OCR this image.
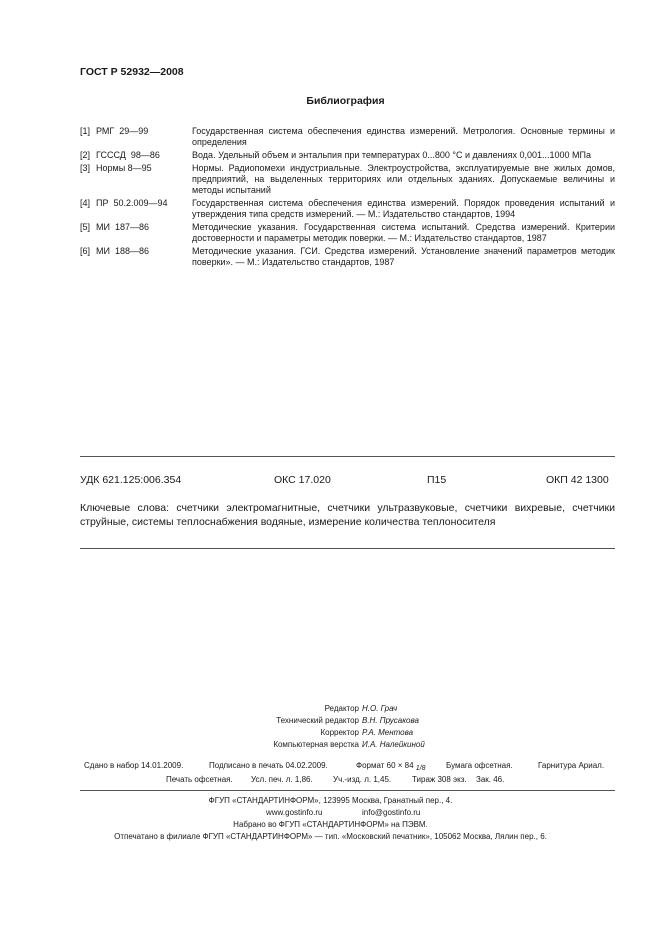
ГОСТ Р 52932—2008
Библиография
[1] РМГ  29—99	Государственная система обеспечения единства измерений. Метрология. Основные термины и определения
[2] ГСССД  98—86	Вода. Удельный объем и энтальпия при температурах 0...800 °С и давлениях 0,001...1000 МПа
[3] Нормы 8—95	Нормы. Радиопомехи индустриальные. Электроустройства, эксплуатируемые вне жилых домов, предприятий, на выделенных территориях или отдельных зданиях. Допускаемые величины и методы испытаний
[4] ПР  50.2.009—94	Государственная система обеспечения единства измерений. Порядок проведения испытаний и утверждения типа средств измерений. — М.: Издательство стандартов, 1994
[5] МИ  187—86	Методические указания. Государственная система испытаний. Средства измерений. Критерии достоверности и параметры методик поверки. — М.: Издательство стандартов, 1987
[6] МИ  188—86	Методические указания. ГСИ. Средства измерений. Установление значений параметров методик поверки». — М.: Издательство стандартов, 1987
УДК 621.125:006.354	ОКС 17.020	П15	ОКП 42 1300
Ключевые слова: счетчики электромагнитные, счетчики ультразвуковые, счетчики вихревые, счетчики струйные, системы теплоснабжения водяные, измерение количества теплоносителя
Редактор Н.О. Грач
Технический редактор В.Н. Прусакова
Корректор Р.А. Ментова
Компьютерная верстка И.А. Налейкиной
Сдано в набор 14.01.2009.	Подписано в печать 04.02.2009.	Формат 60 × 84 1/8	Бумага офсетная.	Гарнитура Ариал.
Печать офсетная. Усл. печ. л. 1,86.	Уч.-изд. л. 1,45.	Тираж 308 экз. Зак. 46.
ФГУП «СТАНДАРТИНФОРМ», 123995 Москва, Гранатный пер., 4.
www.gostinfo.ru	info@gostinfo.ru
Набрано во ФГУП «СТАНДАРТИНФОРМ» на ПЭВМ.
Отпечатано в филиале ФГУП «СТАНДАРТИНФОРМ» — тип. «Московский печатник», 105062 Москва, Лялин пер., 6.
